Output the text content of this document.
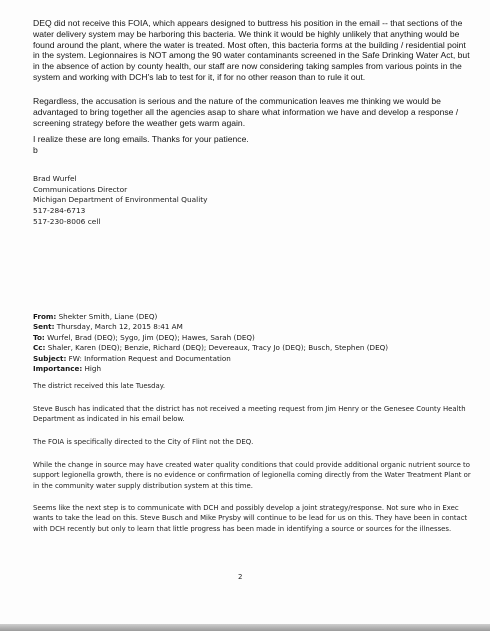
DEQ did not receive this FOIA, which appears designed to buttress his position in the email -- that sections of the water delivery system may be harboring this bacteria. We think it would be highly unlikely that anything would be found around the plant, where the water is treated. Most often, this bacteria forms at the building / residential point in the system. Legionnaires is NOT among the 90 water contaminants screened in the Safe Drinking Water Act, but in the absence of action by county health, our staff are now considering taking samples from various points in the system and working with DCH's lab to test for it, if for no other reason than to rule it out.

Regardless, the accusation is serious and the nature of the communication leaves me thinking we would be advantaged to bring together all the agencies asap to share what information we have and develop a response / screening strategy before the weather gets warm again.

I realize these are long emails. Thanks for your patience.

b

Brad Wurfel
Communications Director
Michigan Department of Environmental Quality
517-284-6713
517-230-8006 cell
From: Shekter Smith, Liane (DEQ)
Sent: Thursday, March 12, 2015 8:41 AM
To: Wurfel, Brad (DEQ); Sygo, Jim (DEQ); Hawes, Sarah (DEQ)
Cc: Shaler, Karen (DEQ); Benzie, Richard (DEQ); Devereaux, Tracy Jo (DEQ); Busch, Stephen (DEQ)
Subject: FW: Information Request and Documentation
Importance: High

The district received this late Tuesday.

Steve Busch has indicated that the district has not received a meeting request from Jim Henry or the Genesee County Health Department as indicated in his email below.

The FOIA is specifically directed to the City of Flint not the DEQ.

While the change in source may have created water quality conditions that could provide additional organic nutrient source to support legionella growth, there is no evidence or confirmation of legionella coming directly from the Water Treatment Plant or in the community water supply distribution system at this time.

Seems like the next step is to communicate with DCH and possibly develop a joint strategy/response. Not sure who in Exec wants to take the lead on this. Steve Busch and Mike Prysby will continue to be lead for us on this. They have been in contact with DCH recently but only to learn that little progress has been made in identifying a source or sources for the illnesses.

2
